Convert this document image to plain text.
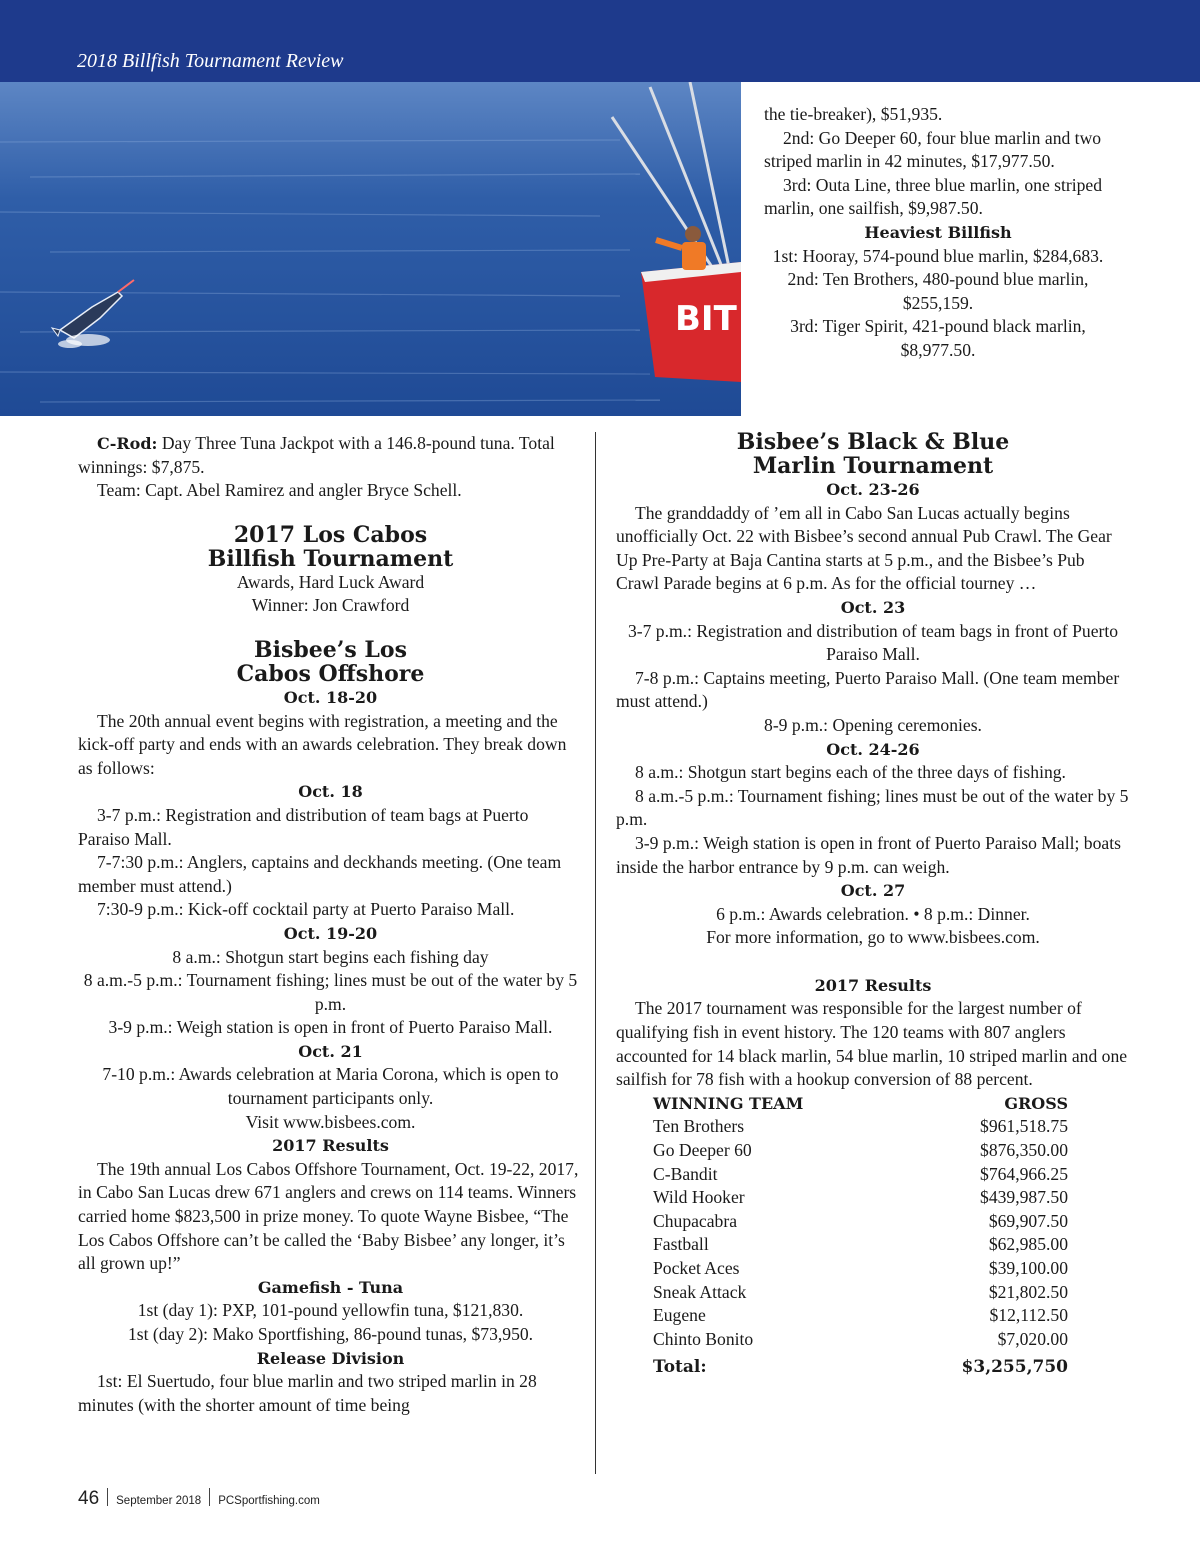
2018 Billfish Tournament Review
BIT

the tie-breaker), $51,935.

2nd: Go Deeper 60, four blue marlin and two striped marlin in 42 minutes, $17,977.50.

3rd: Outa Line, three blue marlin, one striped marlin, one sailfish, $9,987.50.

Heaviest Billfish

1st: Hooray, 574-pound blue marlin, $284,683.

2nd: Ten Brothers, 480-pound blue marlin, $255,159.

3rd: Tiger Spirit, 421-pound black marlin, $8,977.50.

C-Rod: Day Three Tuna Jackpot with a 146.8-pound tuna. Total winnings: $7,875.

Team: Capt. Abel Ramirez and angler Bryce Schell.

2017 Los Cabos

Billfish Tournament

Awards, Hard Luck Award

Winner: Jon Crawford

Bisbee’s Los

Cabos Offshore

Oct. 18-20

The 20th annual event begins with registration, a meeting and the kick-off party and ends with an awards celebration. They break down as follows:

Oct. 18

3-7 p.m.: Registration and distribution of team bags at Puerto Paraiso Mall.

7-7:30 p.m.: Anglers, captains and deckhands meeting. (One team member must attend.)

7:30-9 p.m.: Kick-off cocktail party at Puerto Paraiso Mall.

Oct. 19-20

8 a.m.: Shotgun start begins each fishing day

8 a.m.-5 p.m.: Tournament fishing; lines must be out of the water by 5 p.m.

3-9 p.m.: Weigh station is open in front of Puerto Paraiso Mall.

Oct. 21

7-10 p.m.: Awards celebration at Maria Corona, which is open to tournament participants only.

Visit www.bisbees.com.

2017 Results

The 19th annual Los Cabos Offshore Tournament, Oct. 19-22, 2017, in Cabo San Lucas drew 671 anglers and crews on 114 teams. Winners carried home $823,500 in prize money. To quote Wayne Bisbee, “The Los Cabos Offshore can’t be called the ‘Baby Bisbee’ any longer, it’s all grown up!”

Gamefish - Tuna

1st (day 1): PXP, 101-pound yellowfin tuna, $121,830.

1st (day 2): Mako Sportfishing, 86-pound tunas, $73,950.

Release Division

1st: El Suertudo, four blue marlin and two striped marlin in 28 minutes (with the shorter amount of time being

Bisbee’s Black & Blue

Marlin Tournament

Oct. 23-26

The granddaddy of ’em all in Cabo San Lucas actually begins unofficially Oct. 22 with Bisbee’s second annual Pub Crawl. The Gear Up Pre-Party at Baja Cantina starts at 5 p.m., and the Bisbee’s Pub Crawl Parade begins at 6 p.m. As for the official tourney …

Oct. 23

3-7 p.m.: Registration and distribution of team bags in front of Puerto Paraiso Mall.

7-8 p.m.: Captains meeting, Puerto Paraiso Mall. (One team member must attend.)

8-9 p.m.: Opening ceremonies.

Oct. 24-26

8 a.m.: Shotgun start begins each of the three days of fishing.

8 a.m.-5 p.m.: Tournament fishing; lines must be out of the water by 5 p.m.

3-9 p.m.: Weigh station is open in front of Puerto Paraiso Mall; boats inside the harbor entrance by 9 p.m. can weigh.

Oct. 27

6 p.m.: Awards celebration. • 8 p.m.: Dinner.

For more information, go to www.bisbees.com.

2017 Results

The 2017 tournament was responsible for the largest number of qualifying fish in event history. The 120 teams with 807 anglers accounted for 14 black marlin, 54 blue marlin, 10 striped marlin and one sailfish for 78 fish with a hookup conversion of 88 percent.

WINNING TEAM	GROSS
Ten Brothers	$961,518.75
Go Deeper 60	$876,350.00
C-Bandit	$764,966.25
Wild Hooker	$439,987.50
Chupacabra	$69,907.50
Fastball	$62,985.00
Pocket Aces	$39,100.00
Sneak Attack	$21,802.50
Eugene	$12,112.50
Chinto Bonito	$7,020.00
Total:	$3,255,750
46 September 2018 PCSportfishing.com
